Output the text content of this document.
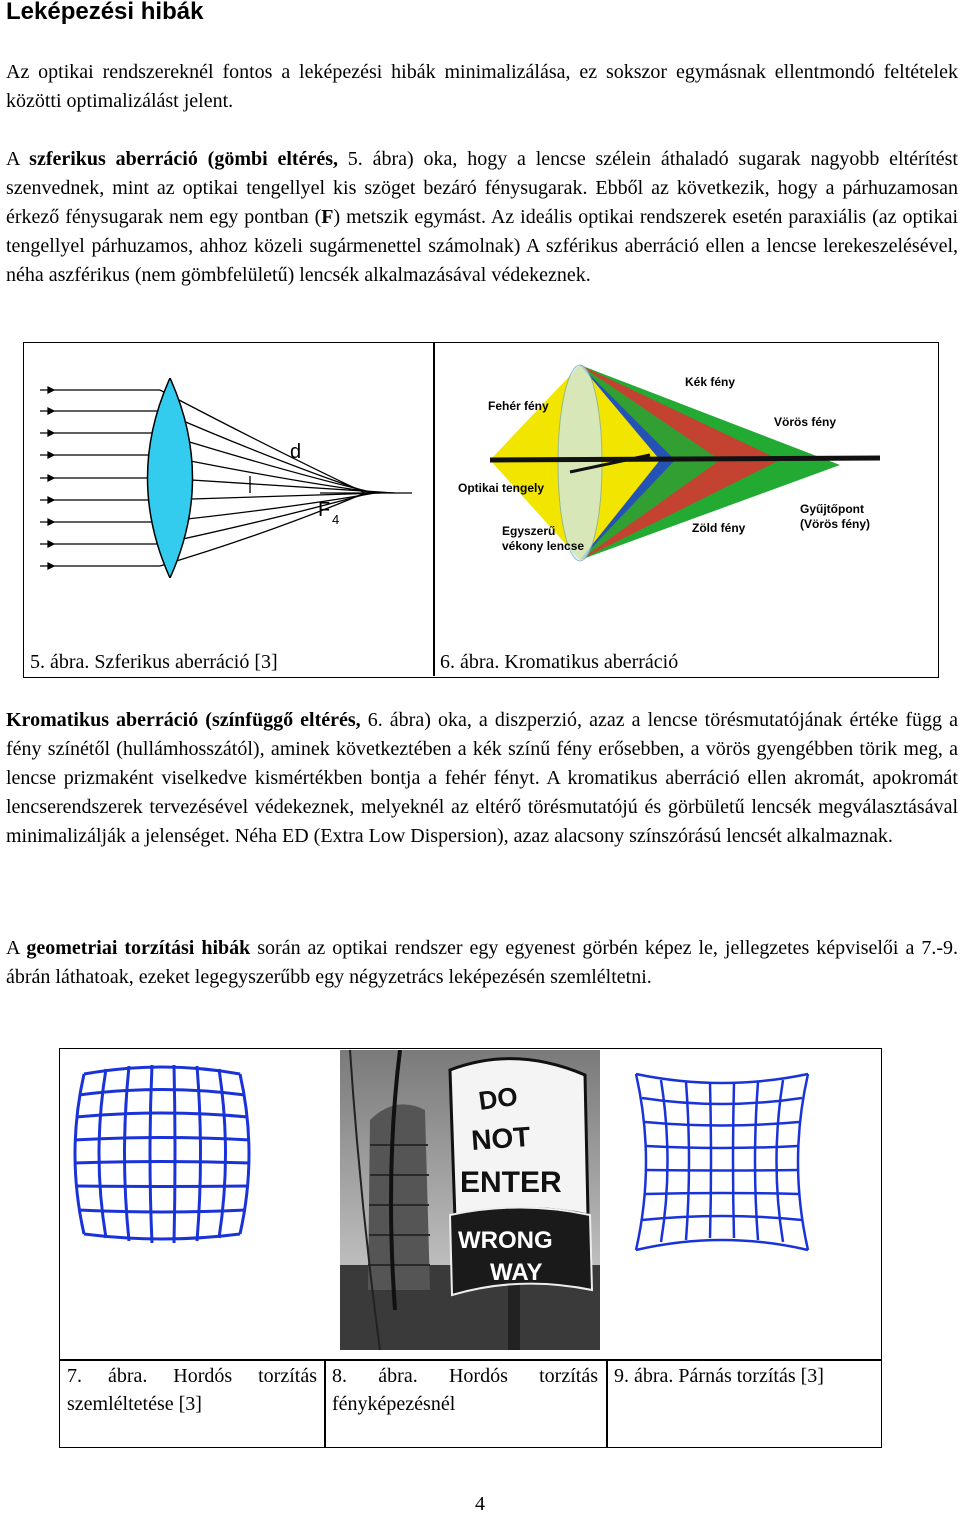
Leképezési hibák

Az optikai rendszereknél fontos a leképezési hibák minimalizálása, ez sokszor egymásnak ellentmondó feltételek közötti optimalizálást jelent.

A szferikus aberráció (gömbi eltérés, 5. ábra) oka, hogy a lencse szélein áthaladó sugarak nagyobb eltérítést szenvednek, mint az optikai tengellyel kis szöget bezáró fénysugarak. Ebből az következik, hogy a párhuzamosan érkező fénysugarak nem egy pontban (F) metszik egymást. Az ideális optikai rendszerek esetén paraxiális (az optikai tengellyel párhuzamos, ahhoz közeli sugármenettel számolnak) A szférikus aberráció ellen a lencse lerekeszelésével, néha aszférikus (nem gömbfelületű) lencsék alkalmazásával védekeznek.

d
F 4
Fehér fény
Kék fény
Vörös fény
Optikai tengely
Egyszerű
vékony lencse
Zöld fény
Gyűjtőpont
(Vörös fény)
5. ábra. Szferikus aberráció [3]	6. ábra. Kromatikus aberráció

Kromatikus aberráció (színfüggő eltérés, 6. ábra) oka, a diszperzió, azaz a lencse törésmutatójának értéke függ a fény színétől (hullámhosszától), aminek következtében a kék színű fény erősebben, a vörös gyengébben törik meg, a lencse prizmaként viselkedve kismértékben bontja a fehér fényt. A kromatikus aberráció ellen akromát, apokromát lencserendszerek tervezésével védekeznek, melyeknél az eltérő törésmutatójú és görbületű lencsék megválasztásával minimalizálják a jelenséget. Néha ED (Extra Low Dispersion), azaz alacsony színszórású lencsét alkalmaznak.

A geometriai torzítási hibák során az optikai rendszer egy egyenest görbén képez le, jellegzetes képviselői a 7.-9. ábrán láthatoak, ezeket legegyszerűbb egy négyzetrács leképezésén szemléltetni.

DO
NOT
ENTER
WRONG
WAY
7. ábra. Hordós torzítás szemléltetése [3]
8. ábra. Hordós torzítás fényképezésnél
9. ábra. Párnás torzítás [3]
4
